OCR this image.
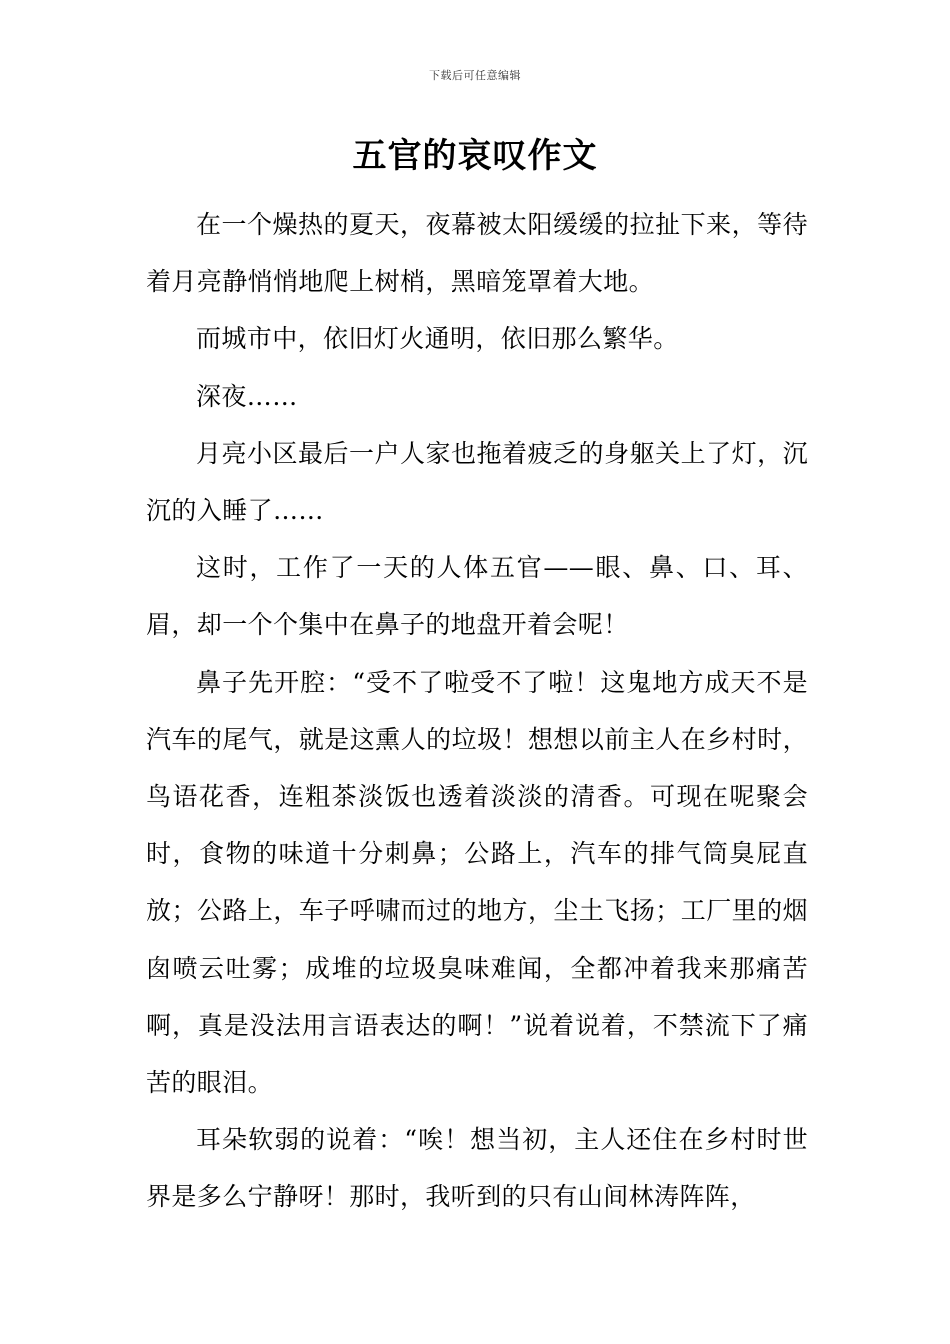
下载后可任意编辑
五官的哀叹作文

在一个燥热的夏天，夜幕被太阳缓缓的拉扯下来，等待着月亮静悄悄地爬上树梢，黑暗笼罩着大地。

而城市中，依旧灯火通明，依旧那么繁华。

深夜……

月亮小区最后一户人家也拖着疲乏的身躯关上了灯，沉沉的入睡了……

这时，工作了一天的人体五官——眼、鼻、口、耳、眉，却一个个集中在鼻子的地盘开着会呢！

鼻子先开腔：“受不了啦受不了啦！这鬼地方成天不是汽车的尾气，就是这熏人的垃圾！想想以前主人在乡村时，鸟语花香，连粗茶淡饭也透着淡淡的清香。可现在呢聚会时，食物的味道十分刺鼻；公路上，汽车的排气筒臭屁直放；公路上，车子呼啸而过的地方，尘土飞扬；工厂里的烟囱喷云吐雾；成堆的垃圾臭味难闻，全都冲着我来那痛苦啊，真是没法用言语表达的啊！”说着说着，不禁流下了痛苦的眼泪。

耳朵软弱的说着：“唉！想当初，主人还住在乡村时世界是多么宁静呀！那时，我听到的只有山间林涛阵阵，
